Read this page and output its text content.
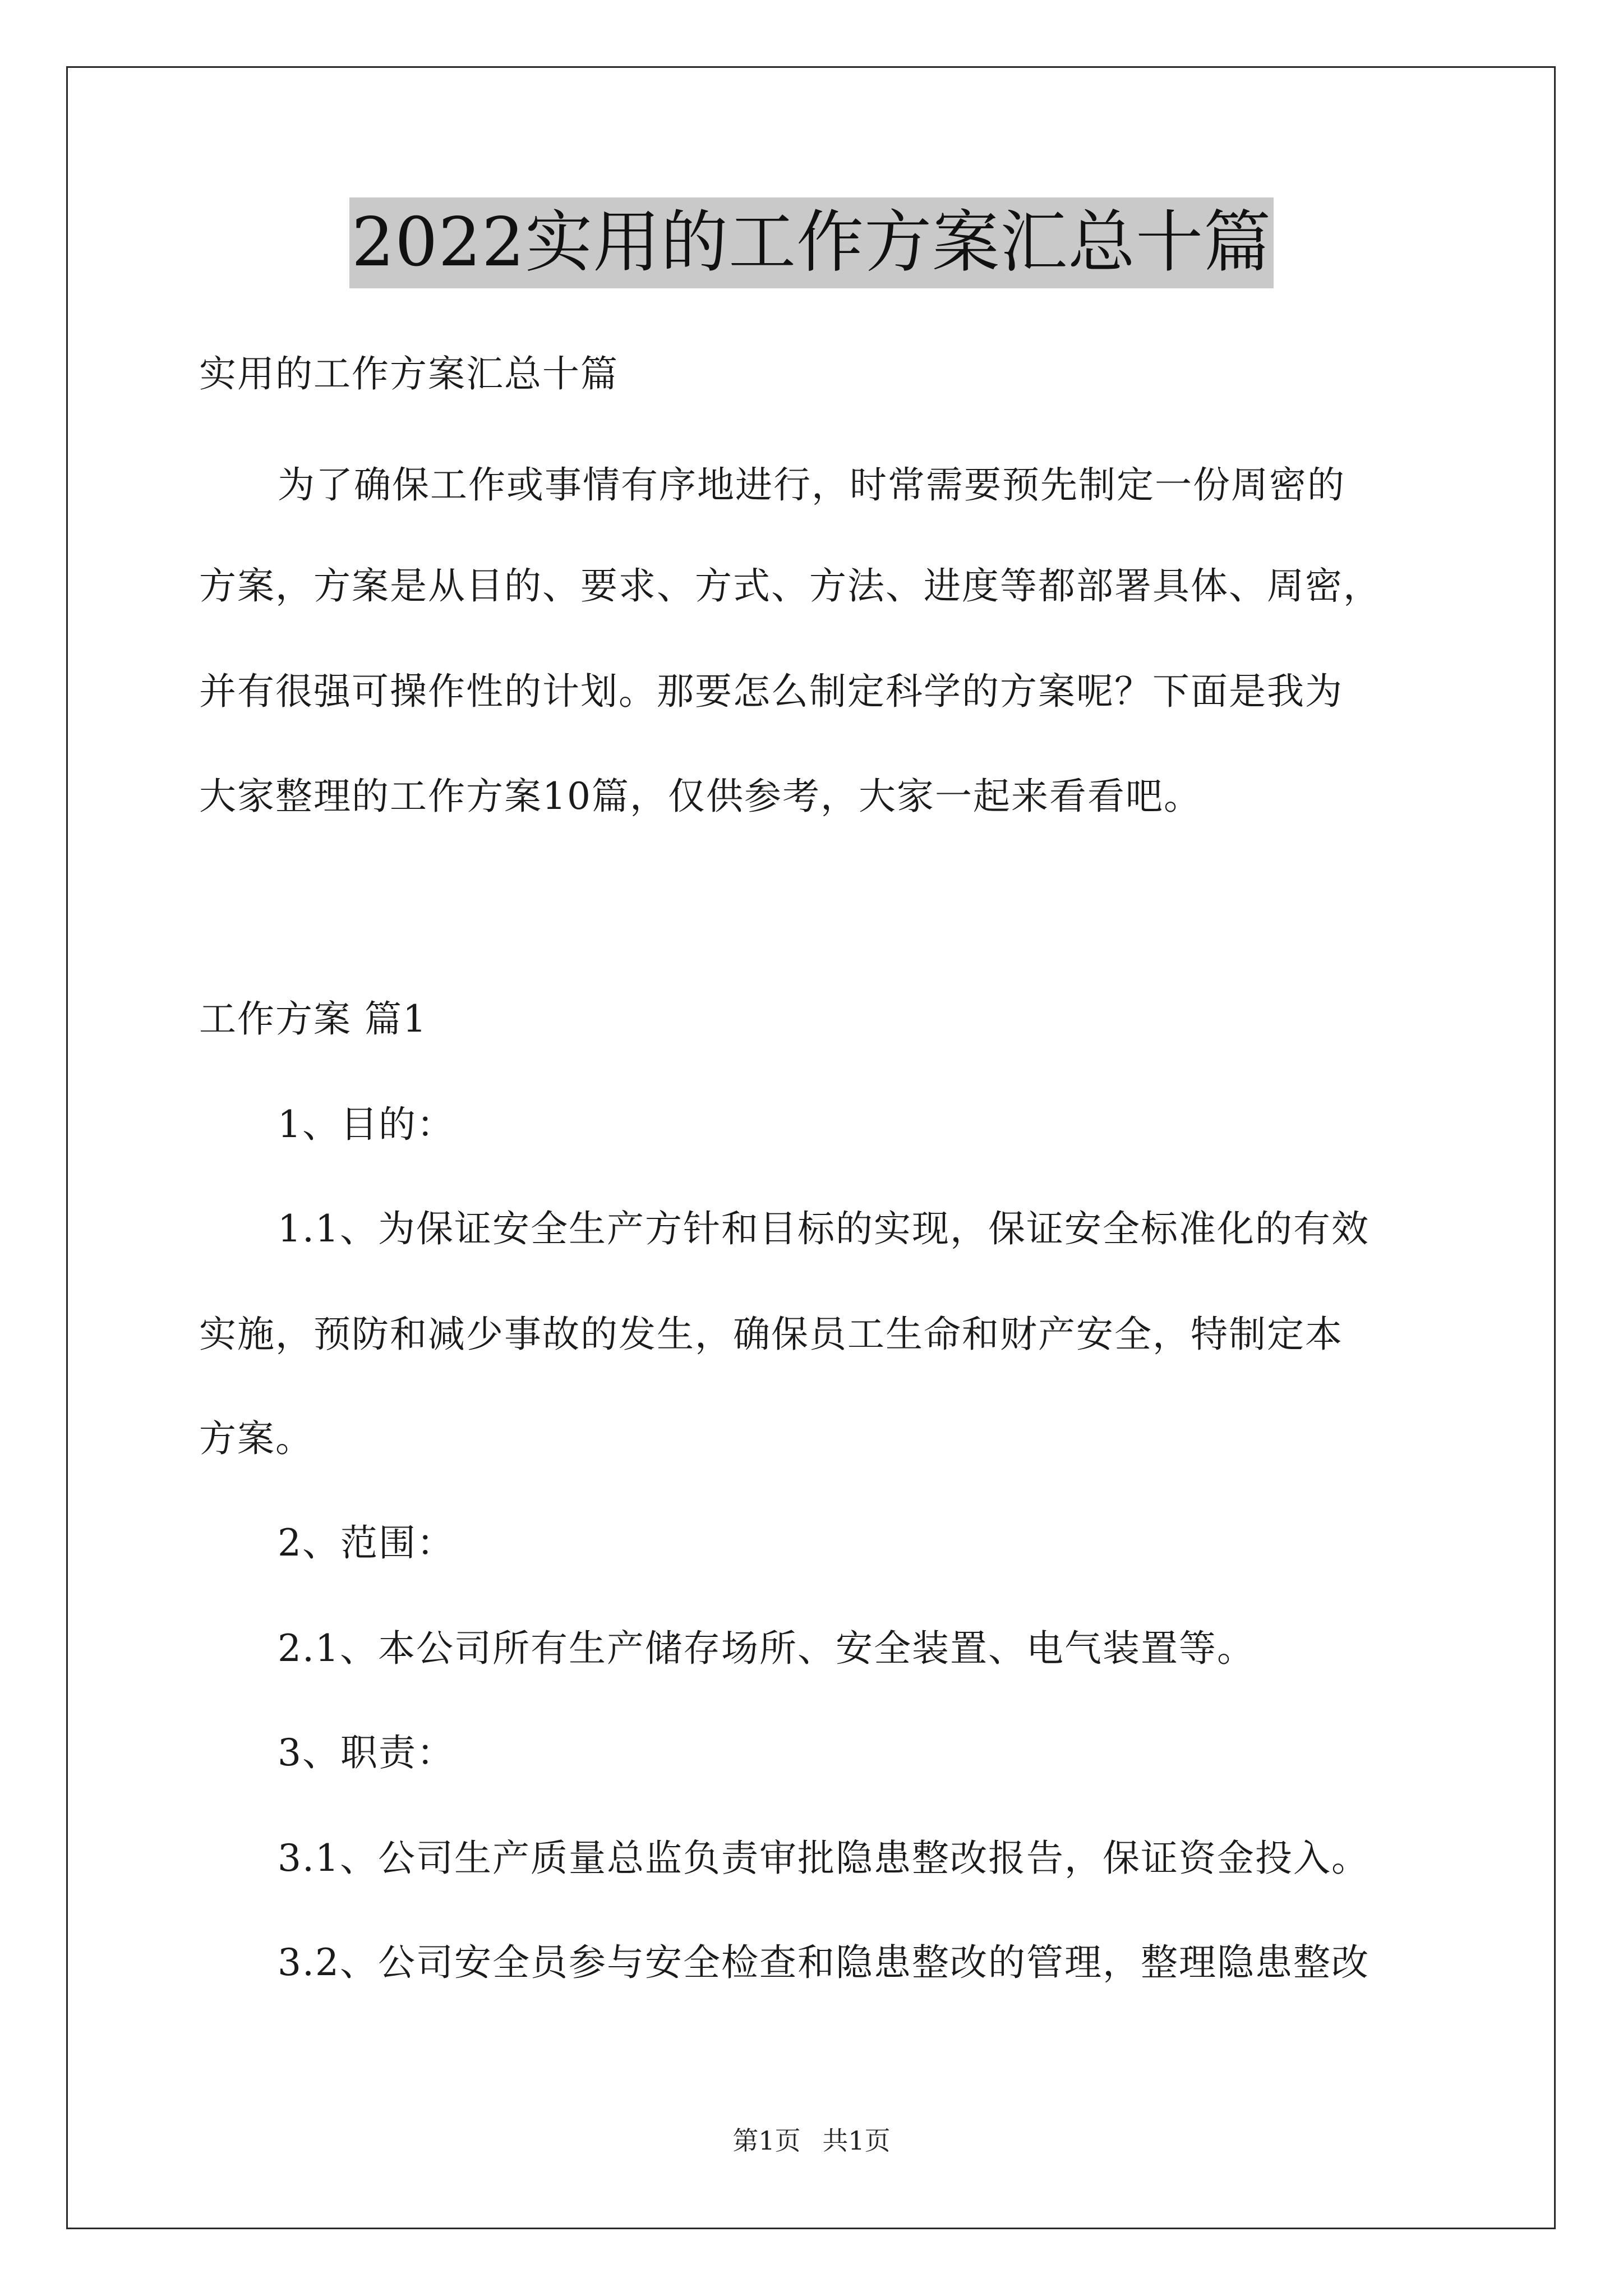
2022实用的工作方案汇总十篇
实用的工作方案汇总十篇
为了确保工作或事情有序地进行，时常需要预先制定一份周密的
方案，方案是从目的、要求、方式、方法、进度等都部署具体、周密，
并有很强可操作性的计划。那要怎么制定科学的方案呢？下面是我为
大家整理的工作方案10篇，仅供参考，大家一起来看看吧。
工作方案 篇1
1、目的：
1.1、为保证安全生产方针和目标的实现，保证安全标准化的有效
实施，预防和减少事故的发生，确保员工生命和财产安全，特制定本
方案。
2、范围：
2.1、本公司所有生产储存场所、安全装置、电气装置等。
3、职责：
3.1、公司生产质量总监负责审批隐患整改报告，保证资金投入。
3.2、公司安全员参与安全检查和隐患整改的管理，整理隐患整改
第1页 共1页
